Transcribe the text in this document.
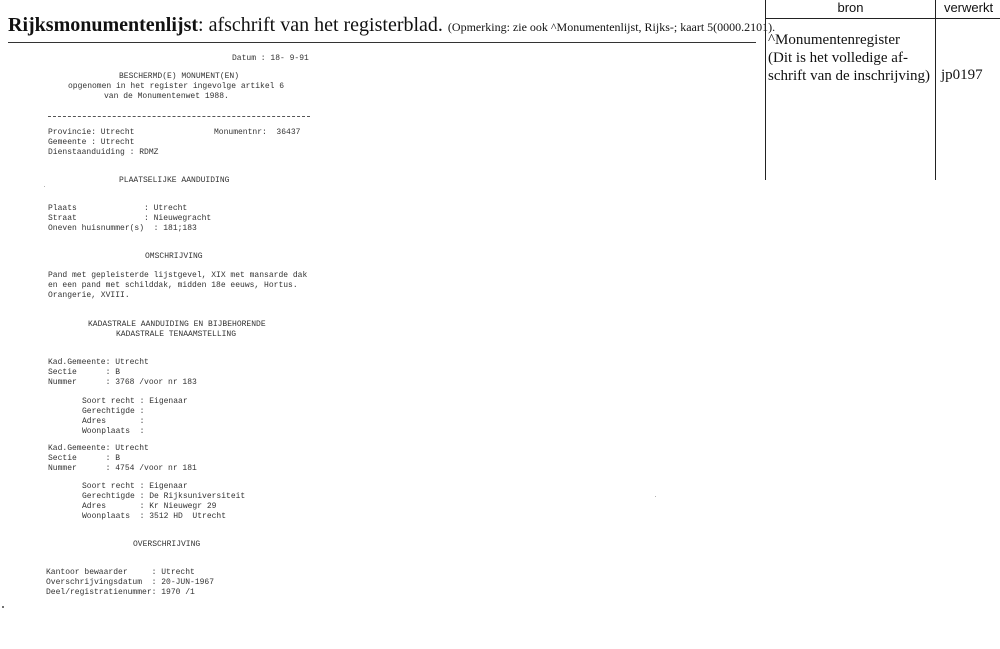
Rijksmonumentenlijst: afschrift van het registerblad. (Opmerking: zie ook ^Monumentenlijst, Rijks-; kaart 5(0000.2101).
bron	verwerkt
^Monumentenregister
(Dit is het volledige af-
schrift van de inschrijving) jp0197
Datum : 18- 9-91
BESCHERMD(E) MONUMENT(EN)
opgenomen in het register ingevolge artikel 6
van de Monumentenwet 1988.
Provincie: Utrecht	Monumentnr:  36437
Gemeente : Utrecht
Dienstaanduiding : RDMZ
PLAATSELIJKE AANDUIDING
Plaats              : Utrecht
Straat              : Nieuwegracht
Oneven huisnummer(s)  : 181;183
OMSCHRIJVING
Pand met gepleisterde lijstgevel, XIX met mansarde dak
en een pand met schilddak, midden 18e eeuws, Hortus.
Orangerie, XVIII.
KADASTRALE AANDUIDING EN BIJBEHORENDE
KADASTRALE TENAAMSTELLING
Kad.Gemeente: Utrecht
Sectie      : B
Nummer      : 3768 /voor nr 183
Soort recht : Eigenaar
Gerechtigde :
Adres       :
Woonplaats  :
Kad.Gemeente: Utrecht
Sectie      : B
Nummer      : 4754 /voor nr 181
Soort recht : Eigenaar
Gerechtigde : De Rijksuniversiteit
Adres       : Kr Nieuwegr 29
Woonplaats  : 3512 HD  Utrecht
OVERSCHRIJVING
Kantoor bewaarder     : Utrecht
Overschrijvingsdatum  : 20-JUN-1967
Deel/registratienummer: 1970 /1
